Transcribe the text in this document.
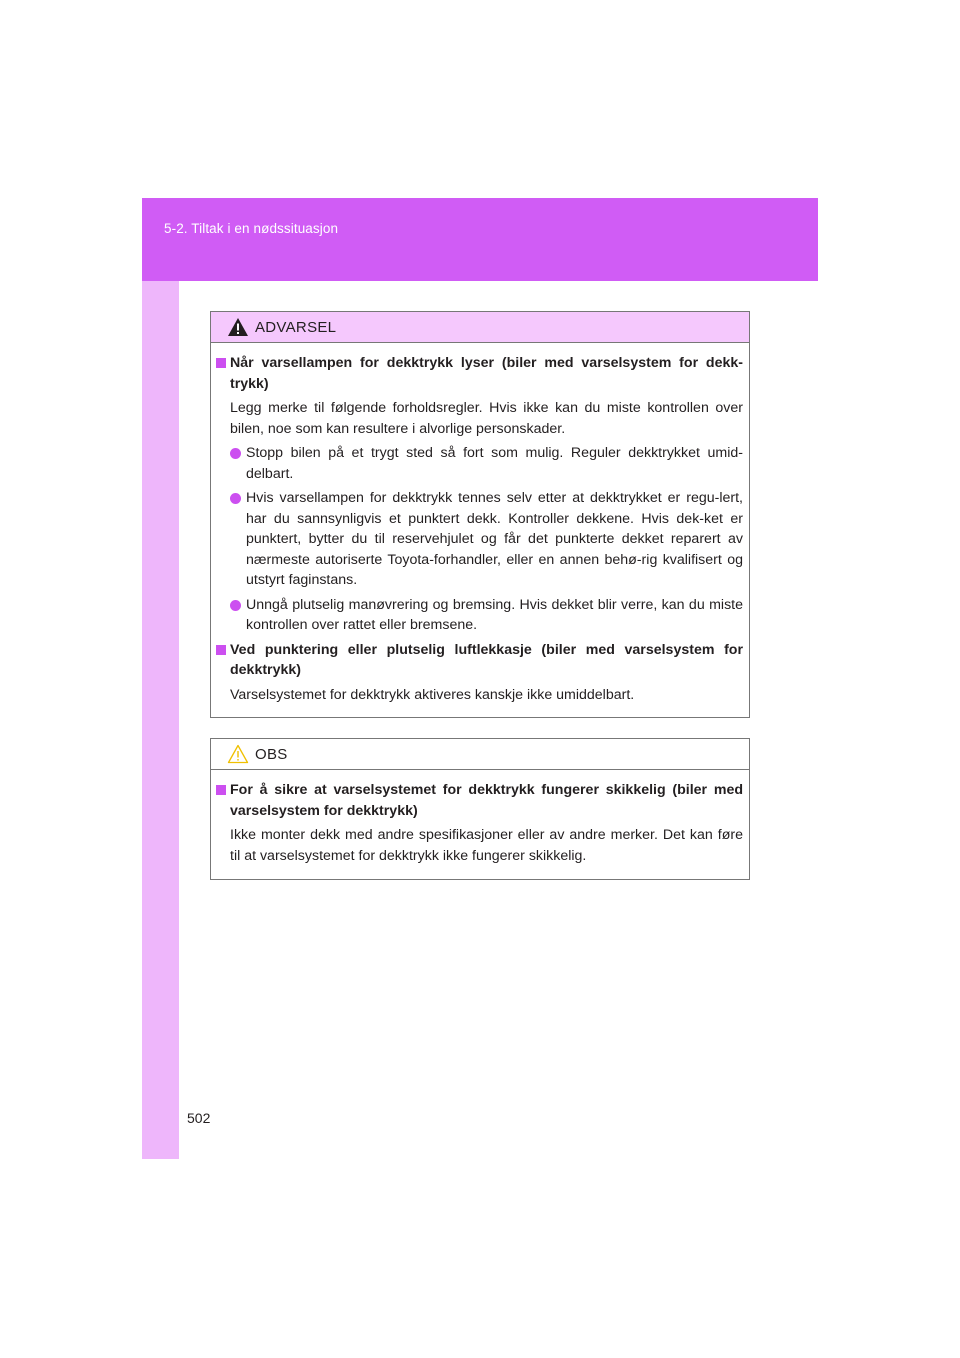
5-2. Tiltak i en nødssituasjon
ADVARSEL
Når varsellampen for dekktrykk lyser (biler med varselsystem for dekk-trykk)
Legg merke til følgende forholdsregler. Hvis ikke kan du miste kontrollen over bilen, noe som kan resultere i alvorlige personskader.
Stopp bilen på et trygt sted så fort som mulig. Reguler dekktrykket umid-delbart.
Hvis varsellampen for dekktrykk tennes selv etter at dekktrykket er regu-lert, har du sannsynligvis et punktert dekk. Kontroller dekkene. Hvis dek-ket er punktert, bytter du til reservehjulet og får det punkterte dekket reparert av nærmeste autoriserte Toyota-forhandler, eller en annen behø-rig kvalifisert og utstyrt faginstans.
Unngå plutselig manøvrering og bremsing. Hvis dekket blir verre, kan du miste kontrollen over rattet eller bremsene.
Ved punktering eller plutselig luftlekkasje (biler med varselsystem for dekktrykk)
Varselsystemet for dekktrykk aktiveres kanskje ikke umiddelbart.
OBS
For å sikre at varselsystemet for dekktrykk fungerer skikkelig (biler med varselsystem for dekktrykk)
Ikke monter dekk med andre spesifikasjoner eller av andre merker. Det kan føre til at varselsystemet for dekktrykk ikke fungerer skikkelig.
502
